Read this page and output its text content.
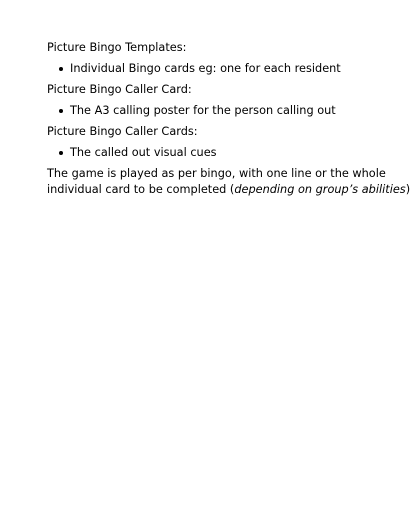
Picture Bingo Templates:
Individual Bingo cards eg: one for each resident
Picture Bingo Caller Card:
The A3 calling poster for the person calling out
Picture Bingo Caller Cards:
The called out visual cues

The game is played as per bingo, with one line or the whole
individual card to be completed (depending on group’s abilities)
